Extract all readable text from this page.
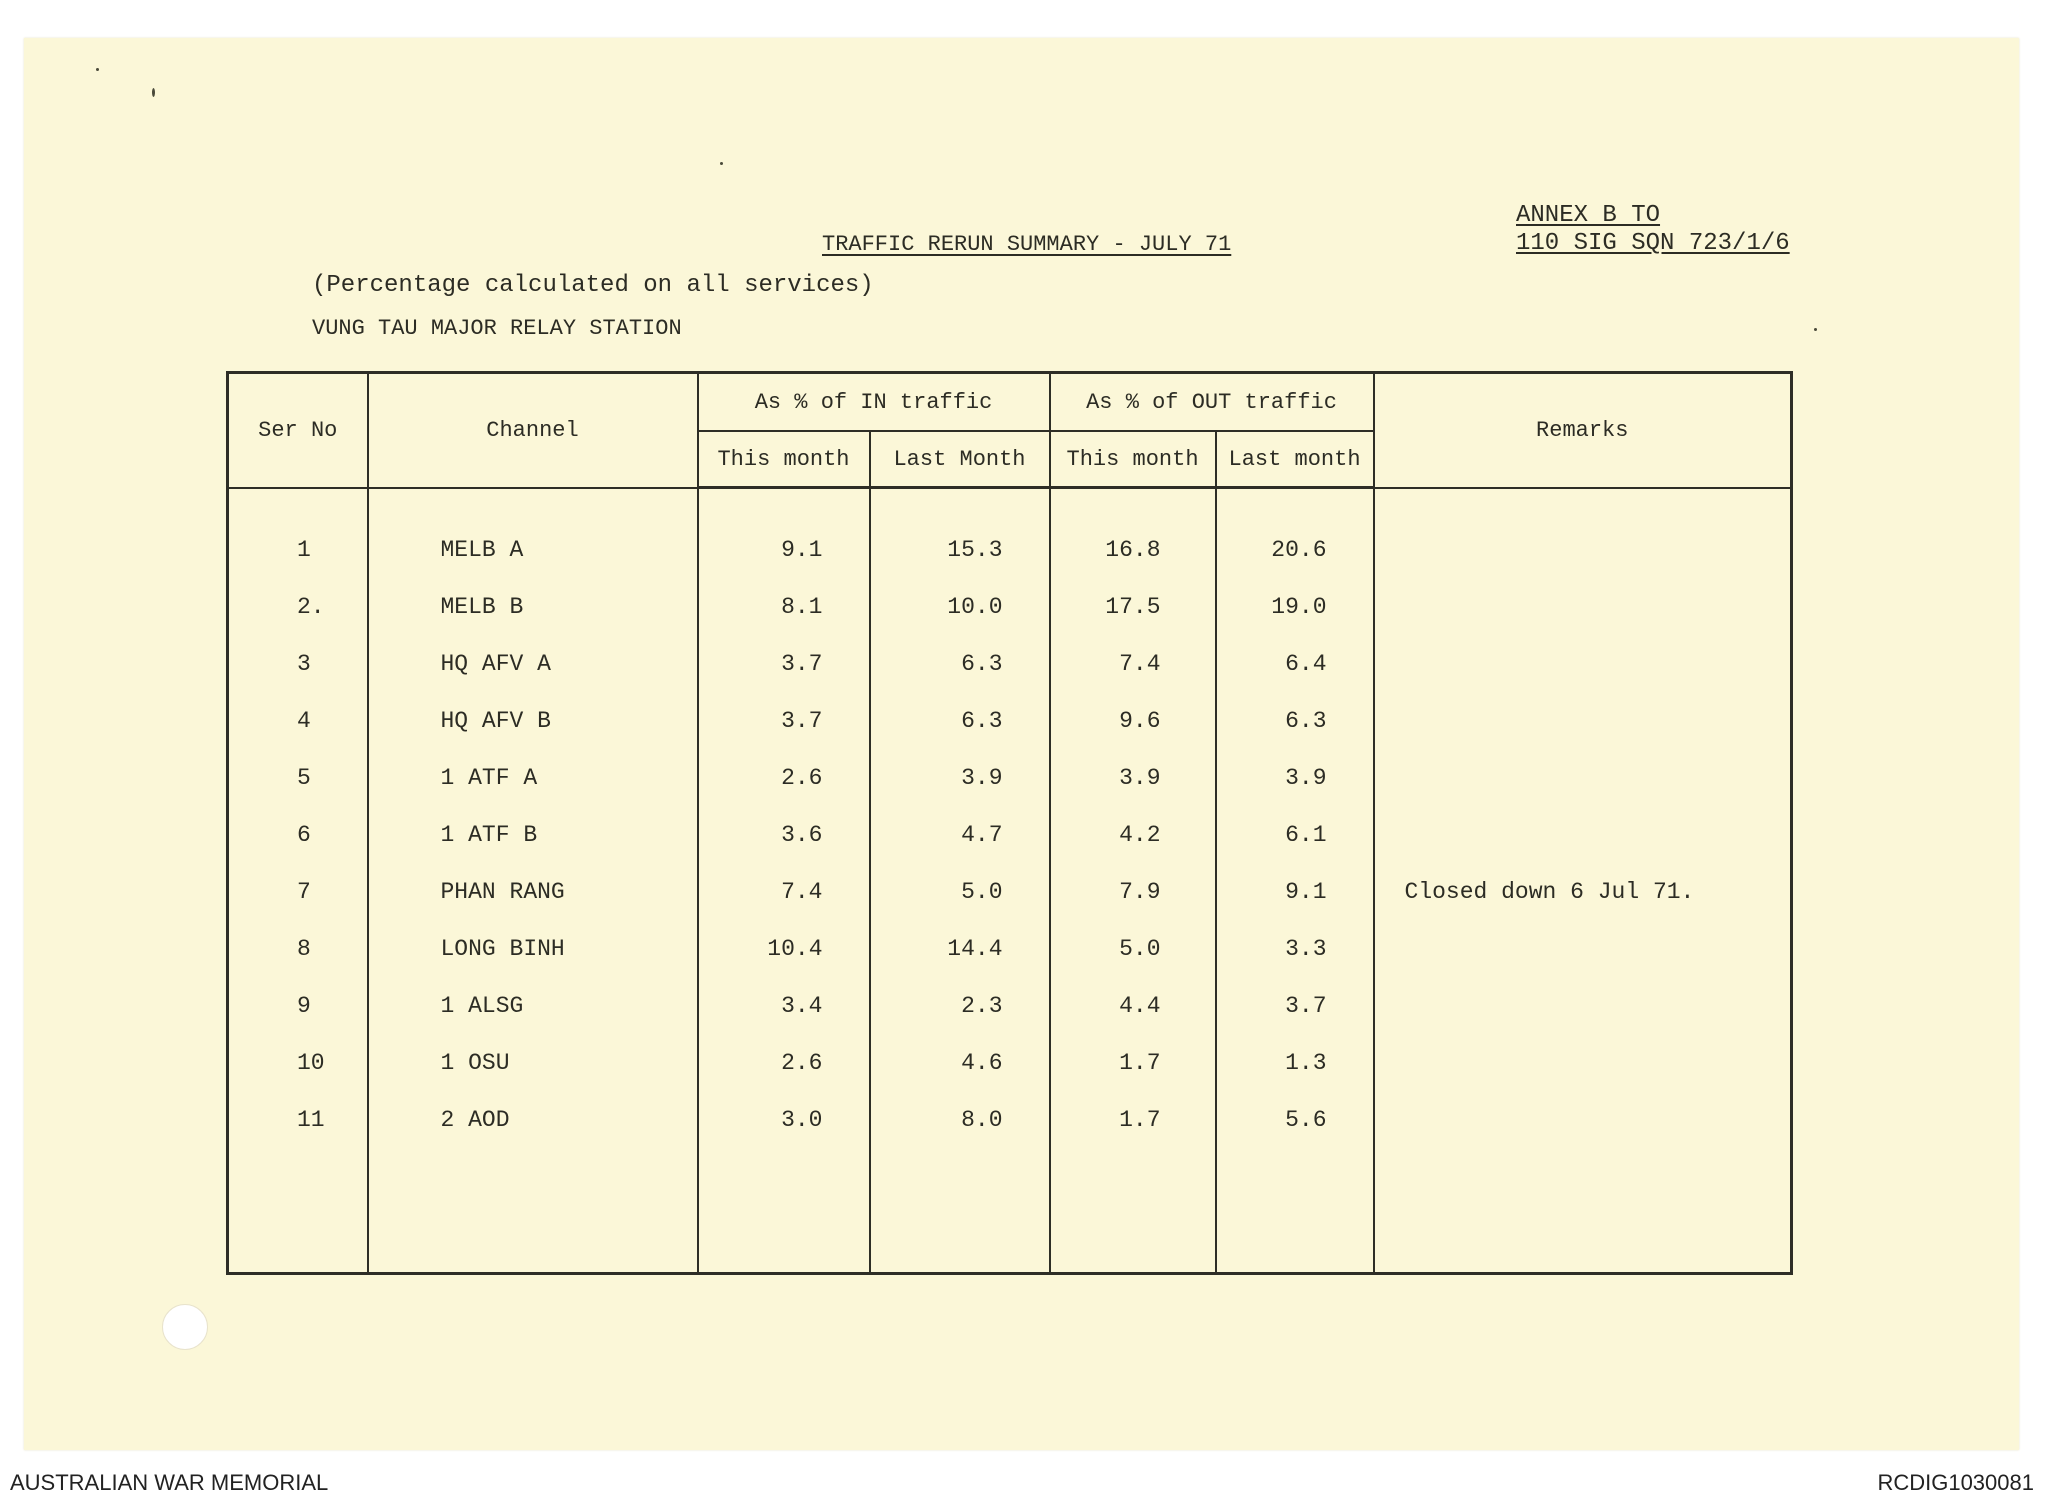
ANNEX B TO
110 SIG SQN 723/1/6
TRAFFIC RERUN SUMMARY - JULY 71
(Percentage calculated on all services)
VUNG TAU MAJOR RELAY STATION
Ser No	Channel	As % of IN traffic		As % of OUT traffic		Remarks
		This month	Last Month	This month	Last month	

1	MELB A	9.1	15.3	16.8	20.6	
2.	MELB B	8.1	10.0	17.5	19.0	
3	HQ AFV A	3.7	6.3	7.4	6.4	
4	HQ AFV B	3.7	6.3	9.6	6.3	
5	1 ATF A	2.6	3.9	3.9	3.9	
6	1 ATF B	3.6	4.7	4.2	6.1	
7	PHAN RANG	7.4	5.0	7.9	9.1	Closed down 6 Jul 71.
8	LONG BINH	10.4	14.4	5.0	3.3	
9	1 ALSG	3.4	2.3	4.4	3.7	
10	1 OSU	2.6	4.6	1.7	1.3	
11	2 AOD	3.0	8.0	1.7	5.6	

AUSTRALIAN WAR MEMORIAL	RCDIG1030081
